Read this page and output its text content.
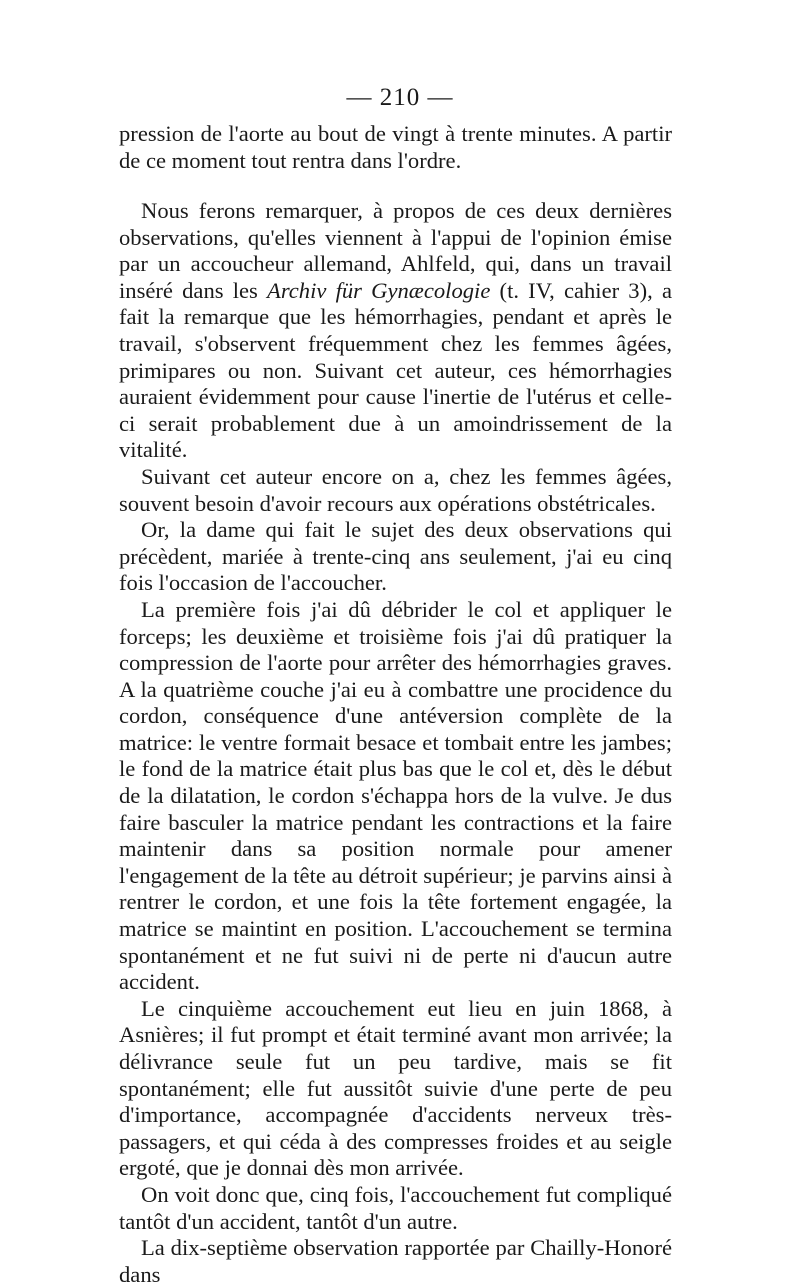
— 210 —

pression de l'aorte au bout de vingt à trente minutes. A partir de ce moment tout rentra dans l'ordre.

Nous ferons remarquer, à propos de ces deux dernières observations, qu'elles viennent à l'appui de l'opinion émise par un accoucheur allemand, Ahlfeld, qui, dans un travail inséré dans les Archiv für Gynæcologie (t. IV, cahier 3), a fait la remarque que les hémorrhagies, pendant et après le travail, s'observent fréquemment chez les femmes âgées, primipares ou non. Suivant cet auteur, ces hémorrhagies auraient évidemment pour cause l'inertie de l'utérus et celle-ci serait probablement due à un amoindrissement de la vitalité.

Suivant cet auteur encore on a, chez les femmes âgées, souvent besoin d'avoir recours aux opérations obstétricales.

Or, la dame qui fait le sujet des deux observations qui précèdent, mariée à trente-cinq ans seulement, j'ai eu cinq fois l'occasion de l'accoucher.

La première fois j'ai dû débrider le col et appliquer le forceps; les deuxième et troisième fois j'ai dû pratiquer la compression de l'aorte pour arrêter des hémorrhagies graves. A la quatrième couche j'ai eu à combattre une procidence du cordon, conséquence d'une antéversion complète de la matrice: le ventre formait besace et tombait entre les jambes; le fond de la matrice était plus bas que le col et, dès le début de la dilatation, le cordon s'échappa hors de la vulve. Je dus faire basculer la matrice pendant les contractions et la faire maintenir dans sa position normale pour amener l'engagement de la tête au détroit supérieur; je parvins ainsi à rentrer le cordon, et une fois la tête fortement engagée, la matrice se maintint en position. L'accouchement se termina spontanément et ne fut suivi ni de perte ni d'aucun autre accident.

Le cinquième accouchement eut lieu en juin 1868, à Asnières; il fut prompt et était terminé avant mon arrivée; la délivrance seule fut un peu tardive, mais se fit spontanément; elle fut aussitôt suivie d'une perte de peu d'importance, accompagnée d'accidents nerveux très-passagers, et qui céda à des compresses froides et au seigle ergoté, que je donnai dès mon arrivée.

On voit donc que, cinq fois, l'accouchement fut compliqué tantôt d'un accident, tantôt d'un autre.

La dix-septième observation rapportée par Chailly-Honoré dans
